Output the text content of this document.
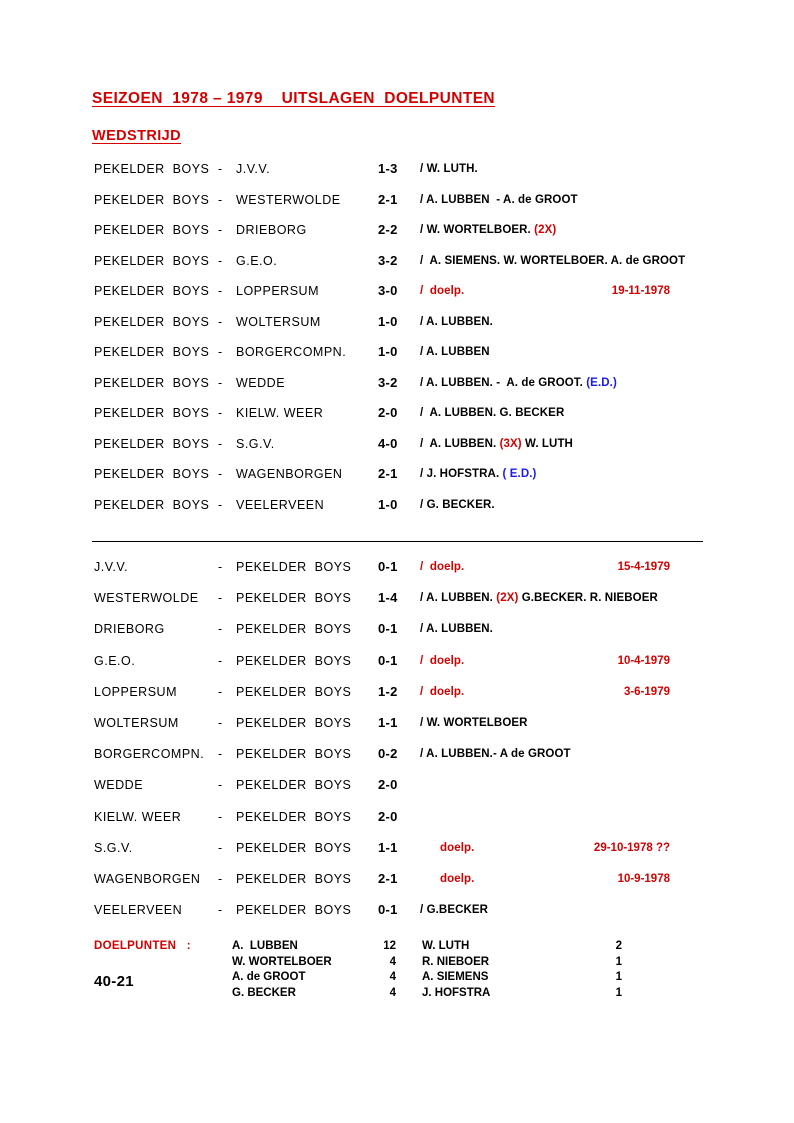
SEIZOEN  1978 – 1979    UITSLAGEN  DOELPUNTEN
WEDSTRIJD
PEKELDER  BOYS - J.V.V.	1-3 / W. LUTH.
PEKELDER  BOYS - WESTERWOLDE	2-1 / A. LUBBEN  - A. de GROOT
PEKELDER  BOYS - DRIEBORG	2-2 / W. WORTELBOER. (2X)
PEKELDER  BOYS - G.E.O.	3-2 /  A. SIEMENS. W. WORTELBOER. A. de GROOT
PEKELDER  BOYS - LOPPERSUM	3-0 /  doelp.	19-11-1978
PEKELDER  BOYS - WOLTERSUM	1-0 / A. LUBBEN.
PEKELDER  BOYS - BORGERCOMPN. 1-0 / A. LUBBEN
PEKELDER  BOYS - WEDDE	3-2 / A. LUBBEN. -  A. de GROOT. (E.D.)
PEKELDER  BOYS - KIELW. WEER	2-0 /  A. LUBBEN. G. BECKER
PEKELDER  BOYS - S.G.V.	4-0 /  A. LUBBEN. (3X) W. LUTH
PEKELDER  BOYS - WAGENBORGEN	2-1 / J. HOFSTRA. ( E.D.)
PEKELDER  BOYS - VEELERVEEN	1-0 / G. BECKER.
J.V.V.	- PEKELDER  BOYS 0-1 /  doelp.	15-4-1979
WESTERWOLDE - PEKELDER  BOYS 1-4 / A. LUBBEN. (2X) G.BECKER. R. NIEBOER
DRIEBORG	- PEKELDER  BOYS 0-1 / A. LUBBEN.
G.E.O.	- PEKELDER  BOYS 0-1 /  doelp.	10-4-1979
LOPPERSUM	- PEKELDER  BOYS 1-2 /  doelp.	3-6-1979
WOLTERSUM	- PEKELDER  BOYS 1-1 / W. WORTELBOER
BORGERCOMPN. - PEKELDER  BOYS 0-2 / A. LUBBEN.- A de GROOT
WEDDE	- PEKELDER  BOYS 2-0
KIELW. WEER	- PEKELDER  BOYS 2-0
S.G.V.	- PEKELDER  BOYS 1-1	doelp.	29-10-1978 ??
WAGENBORGEN - PEKELDER  BOYS 2-1	doelp.	10-9-1978
VEELERVEEN	- PEKELDER  BOYS 0-1 / G.BECKER
DOELPUNTEN   :
40-21
A.  LUBBEN	12 W. LUTH	2
W. WORTELBOER	4 R. NIEBOER	1
A. de GROOT	4 A. SIEMENS	1
G. BECKER	4 J. HOFSTRA	1
